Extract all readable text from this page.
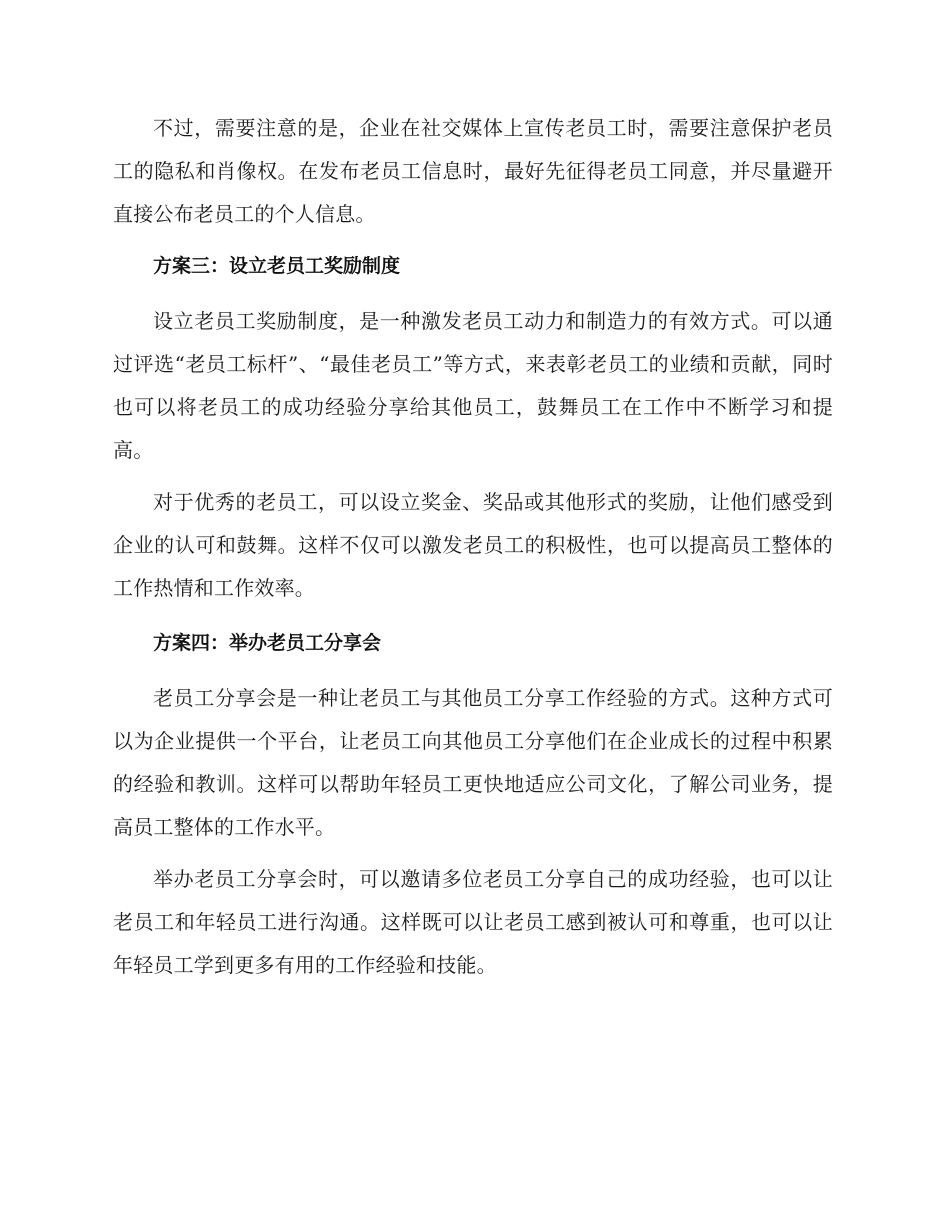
不过，需要注意的是，企业在社交媒体上宣传老员工时，需要注意保护老员工的隐私和肖像权。在发布老员工信息时，最好先征得老员工同意，并尽量避开直接公布老员工的个人信息。

方案三：设立老员工奖励制度

设立老员工奖励制度，是一种激发老员工动力和制造力的有效方式。可以通过评选“老员工标杆”、“最佳老员工”等方式，来表彰老员工的业绩和贡献，同时也可以将老员工的成功经验分享给其他员工，鼓舞员工在工作中不断学习和提高。

对于优秀的老员工，可以设立奖金、奖品或其他形式的奖励，让他们感受到企业的认可和鼓舞。这样不仅可以激发老员工的积极性，也可以提高员工整体的工作热情和工作效率。

方案四：举办老员工分享会

老员工分享会是一种让老员工与其他员工分享工作经验的方式。这种方式可以为企业提供一个平台，让老员工向其他员工分享他们在企业成长的过程中积累的经验和教训。这样可以帮助年轻员工更快地适应公司文化，了解公司业务，提高员工整体的工作水平。

举办老员工分享会时，可以邀请多位老员工分享自己的成功经验，也可以让老员工和年轻员工进行沟通。这样既可以让老员工感到被认可和尊重，也可以让年轻员工学到更多有用的工作经验和技能。
